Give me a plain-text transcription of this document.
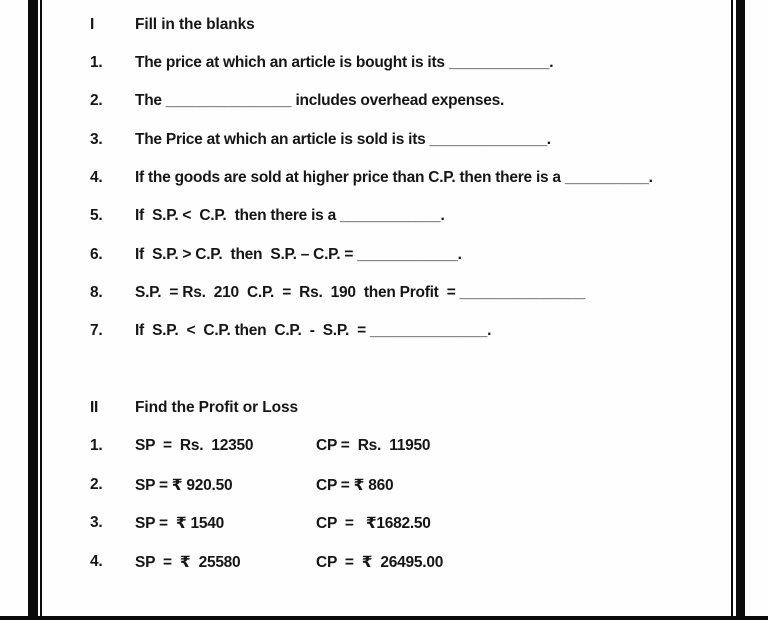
I	Fill in the blanks
1. The price at which an article is bought is its ____________.
2. The _______________ includes overhead expenses.
3. The Price at which an article is sold is its ______________.
4. If the goods are sold at higher price than C.P. then there is a __________.
5. If  S.P. <  C.P.  then there is a ____________.
6. If  S.P. > C.P.  then  S.P. – C.P. = ____________.
8. S.P.  = Rs.  210  C.P.  =  Rs.  190  then Profit  = _______________
7. If  S.P.  <  C.P. then  C.P.  -  S.P.  = ______________.
II Find the Profit or Loss
1. SP  =  Rs.  12350	CP =  Rs.  11950
2. SP = ₹ 920.50	CP = ₹ 860
3. SP =  ₹ 1540	CP  =   ₹1682.50
4. SP  =  ₹  25580	CP  =  ₹  26495.00
